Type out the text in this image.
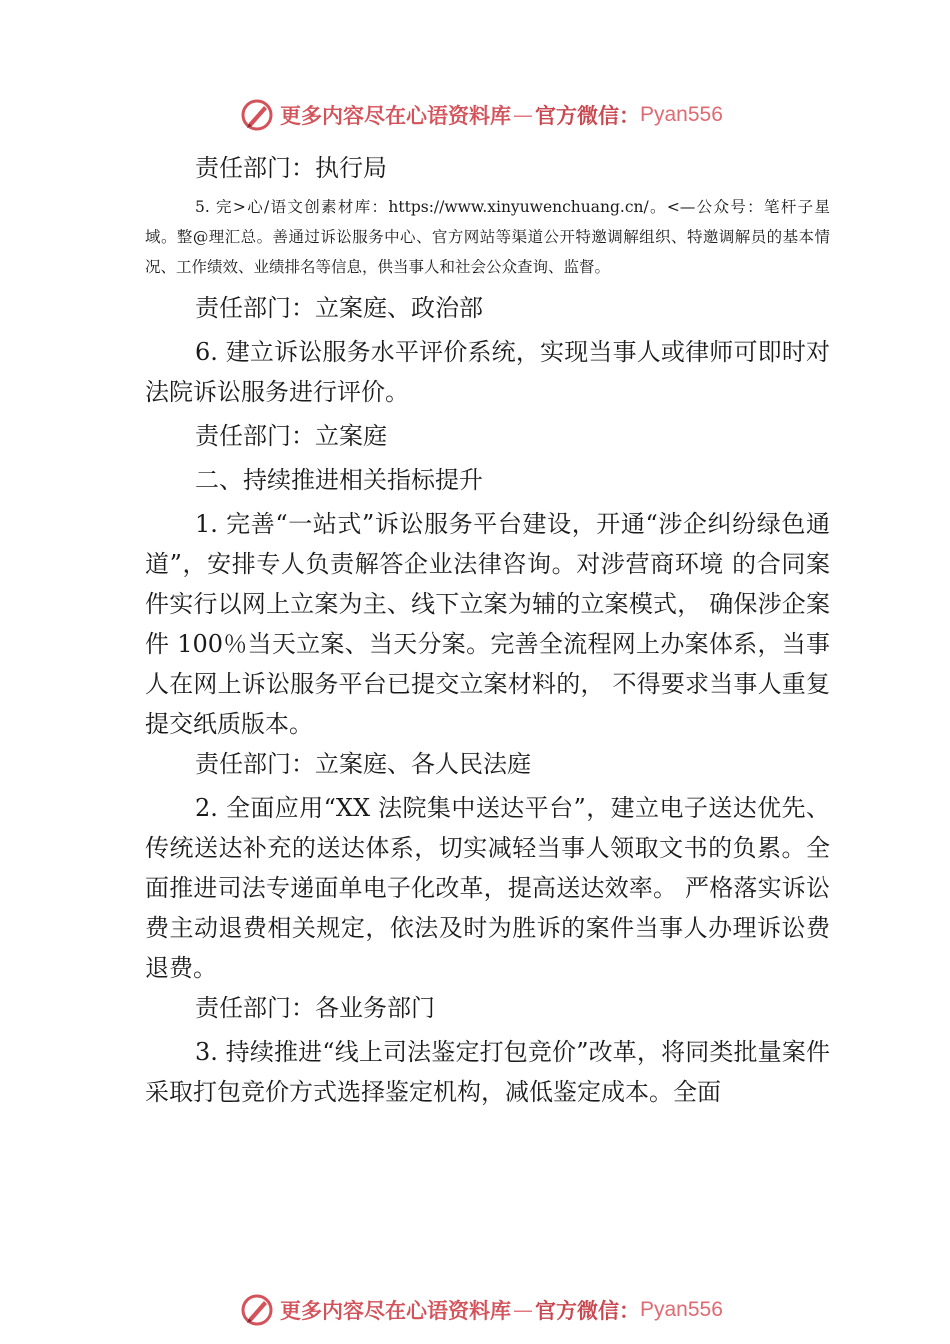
更多内容尽在心语资料库 — 官方微信： Pyan556

责任部门：执行局

5. 完>心/语文创素材库：https://www.xinyuwenchuang.cn/。<—公众号：笔杆子星域。整@理汇总。善通过诉讼服务中心、官方网站等渠道公开特邀调解组织、特邀调解员的基本情况、工作绩效、业绩排名等信息，供当事人和社会公众查询、监督。

责任部门：立案庭、政治部

6. 建立诉讼服务水平评价系统，实现当事人或律师可即时对法院诉讼服务进行评价。

责任部门：立案庭

二、持续推进相关指标提升

1. 完善“一站式”诉讼服务平台建设，开通“涉企纠纷绿色通道”，安排专人负责解答企业法律咨询。对涉营商环境 的合同案件实行以网上立案为主、线下立案为辅的立案模式， 确保涉企案件 100％当天立案、当天分案。完善全流程网上办案体系，当事人在网上诉讼服务平台已提交立案材料的， 不得要求当事人重复提交纸质版本。

责任部门：立案庭、各人民法庭

2. 全面应用“XX 法院集中送达平台”，建立电子送达优先、传统送达补充的送达体系，切实减轻当事人领取文书的负累。全面推进司法专递面单电子化改革，提高送达效率。 严格落实诉讼费主动退费相关规定，依法及时为胜诉的案件当事人办理诉讼费退费。

责任部门：各业务部门

3. 持续推进“线上司法鉴定打包竞价”改革，将同类批量案件采取打包竞价方式选择鉴定机构，减低鉴定成本。全面

更多内容尽在心语资料库 — 官方微信： Pyan556
